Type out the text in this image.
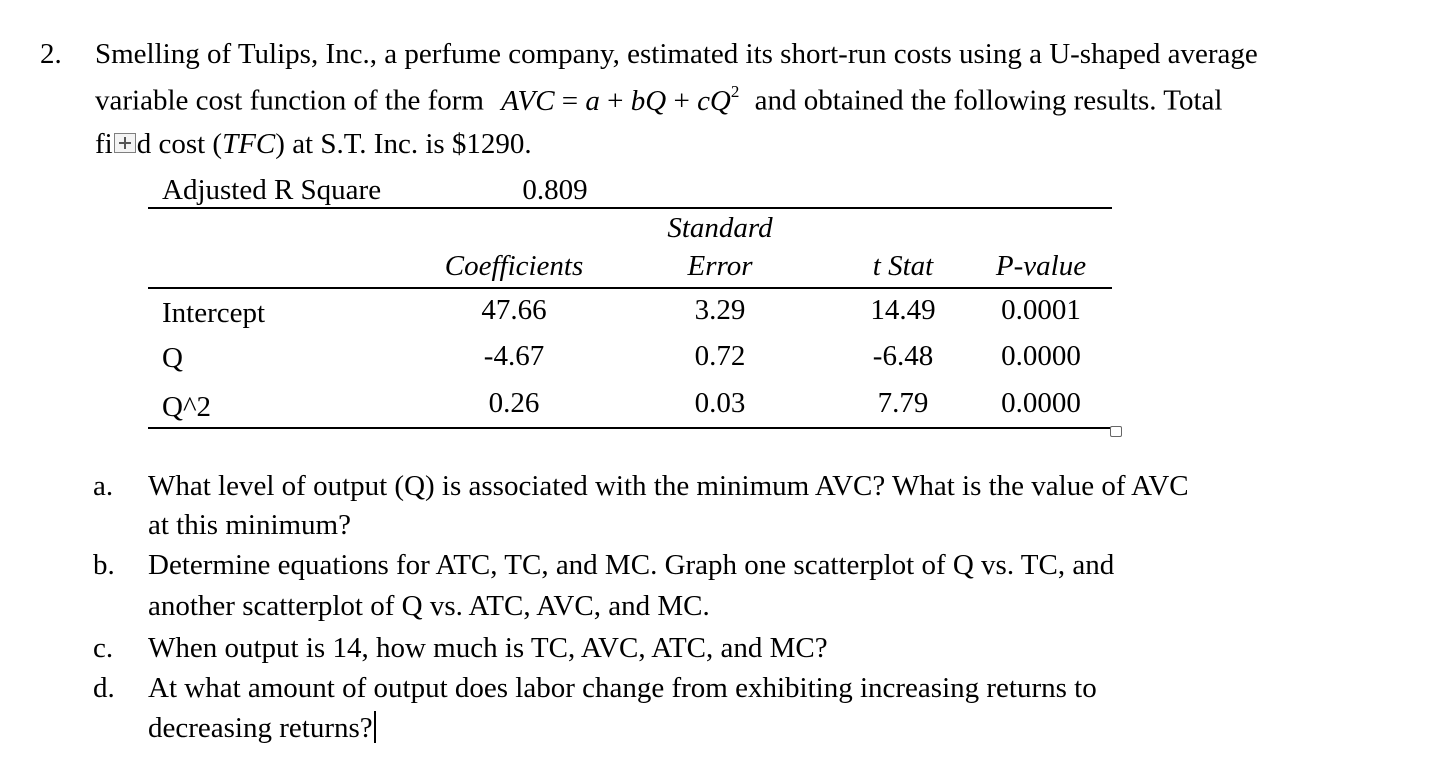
2. Smelling of Tulips, Inc., a perfume company, estimated its short-run costs using a U-shaped average
variable cost function of the form AVC = a + bQ + $cQ^2$ and obtained the following results. Total
fi d cost (TFC) at S.T. Inc. is $1290.
Adjusted R Square	0.809
Standard
Coefficients	Error	t Stat P-value
Intercept	47.66	3.29	14.49 0.0001
Q	-4.67	0.72	-6.48 0.0000
Q^2	0.26	0.03	7.79	0.0000
a. What level of output (Q) is associated with the minimum AVC? What is the value of AVC
at this minimum?
b. Determine equations for ATC, TC, and MC. Graph one scatterplot of Q vs. TC, and
another scatterplot of Q vs. ATC, AVC, and MC.
c. When output is 14, how much is TC, AVC, ATC, and MC?
d. At what amount of output does labor change from exhibiting increasing returns to
decreasing returns?
